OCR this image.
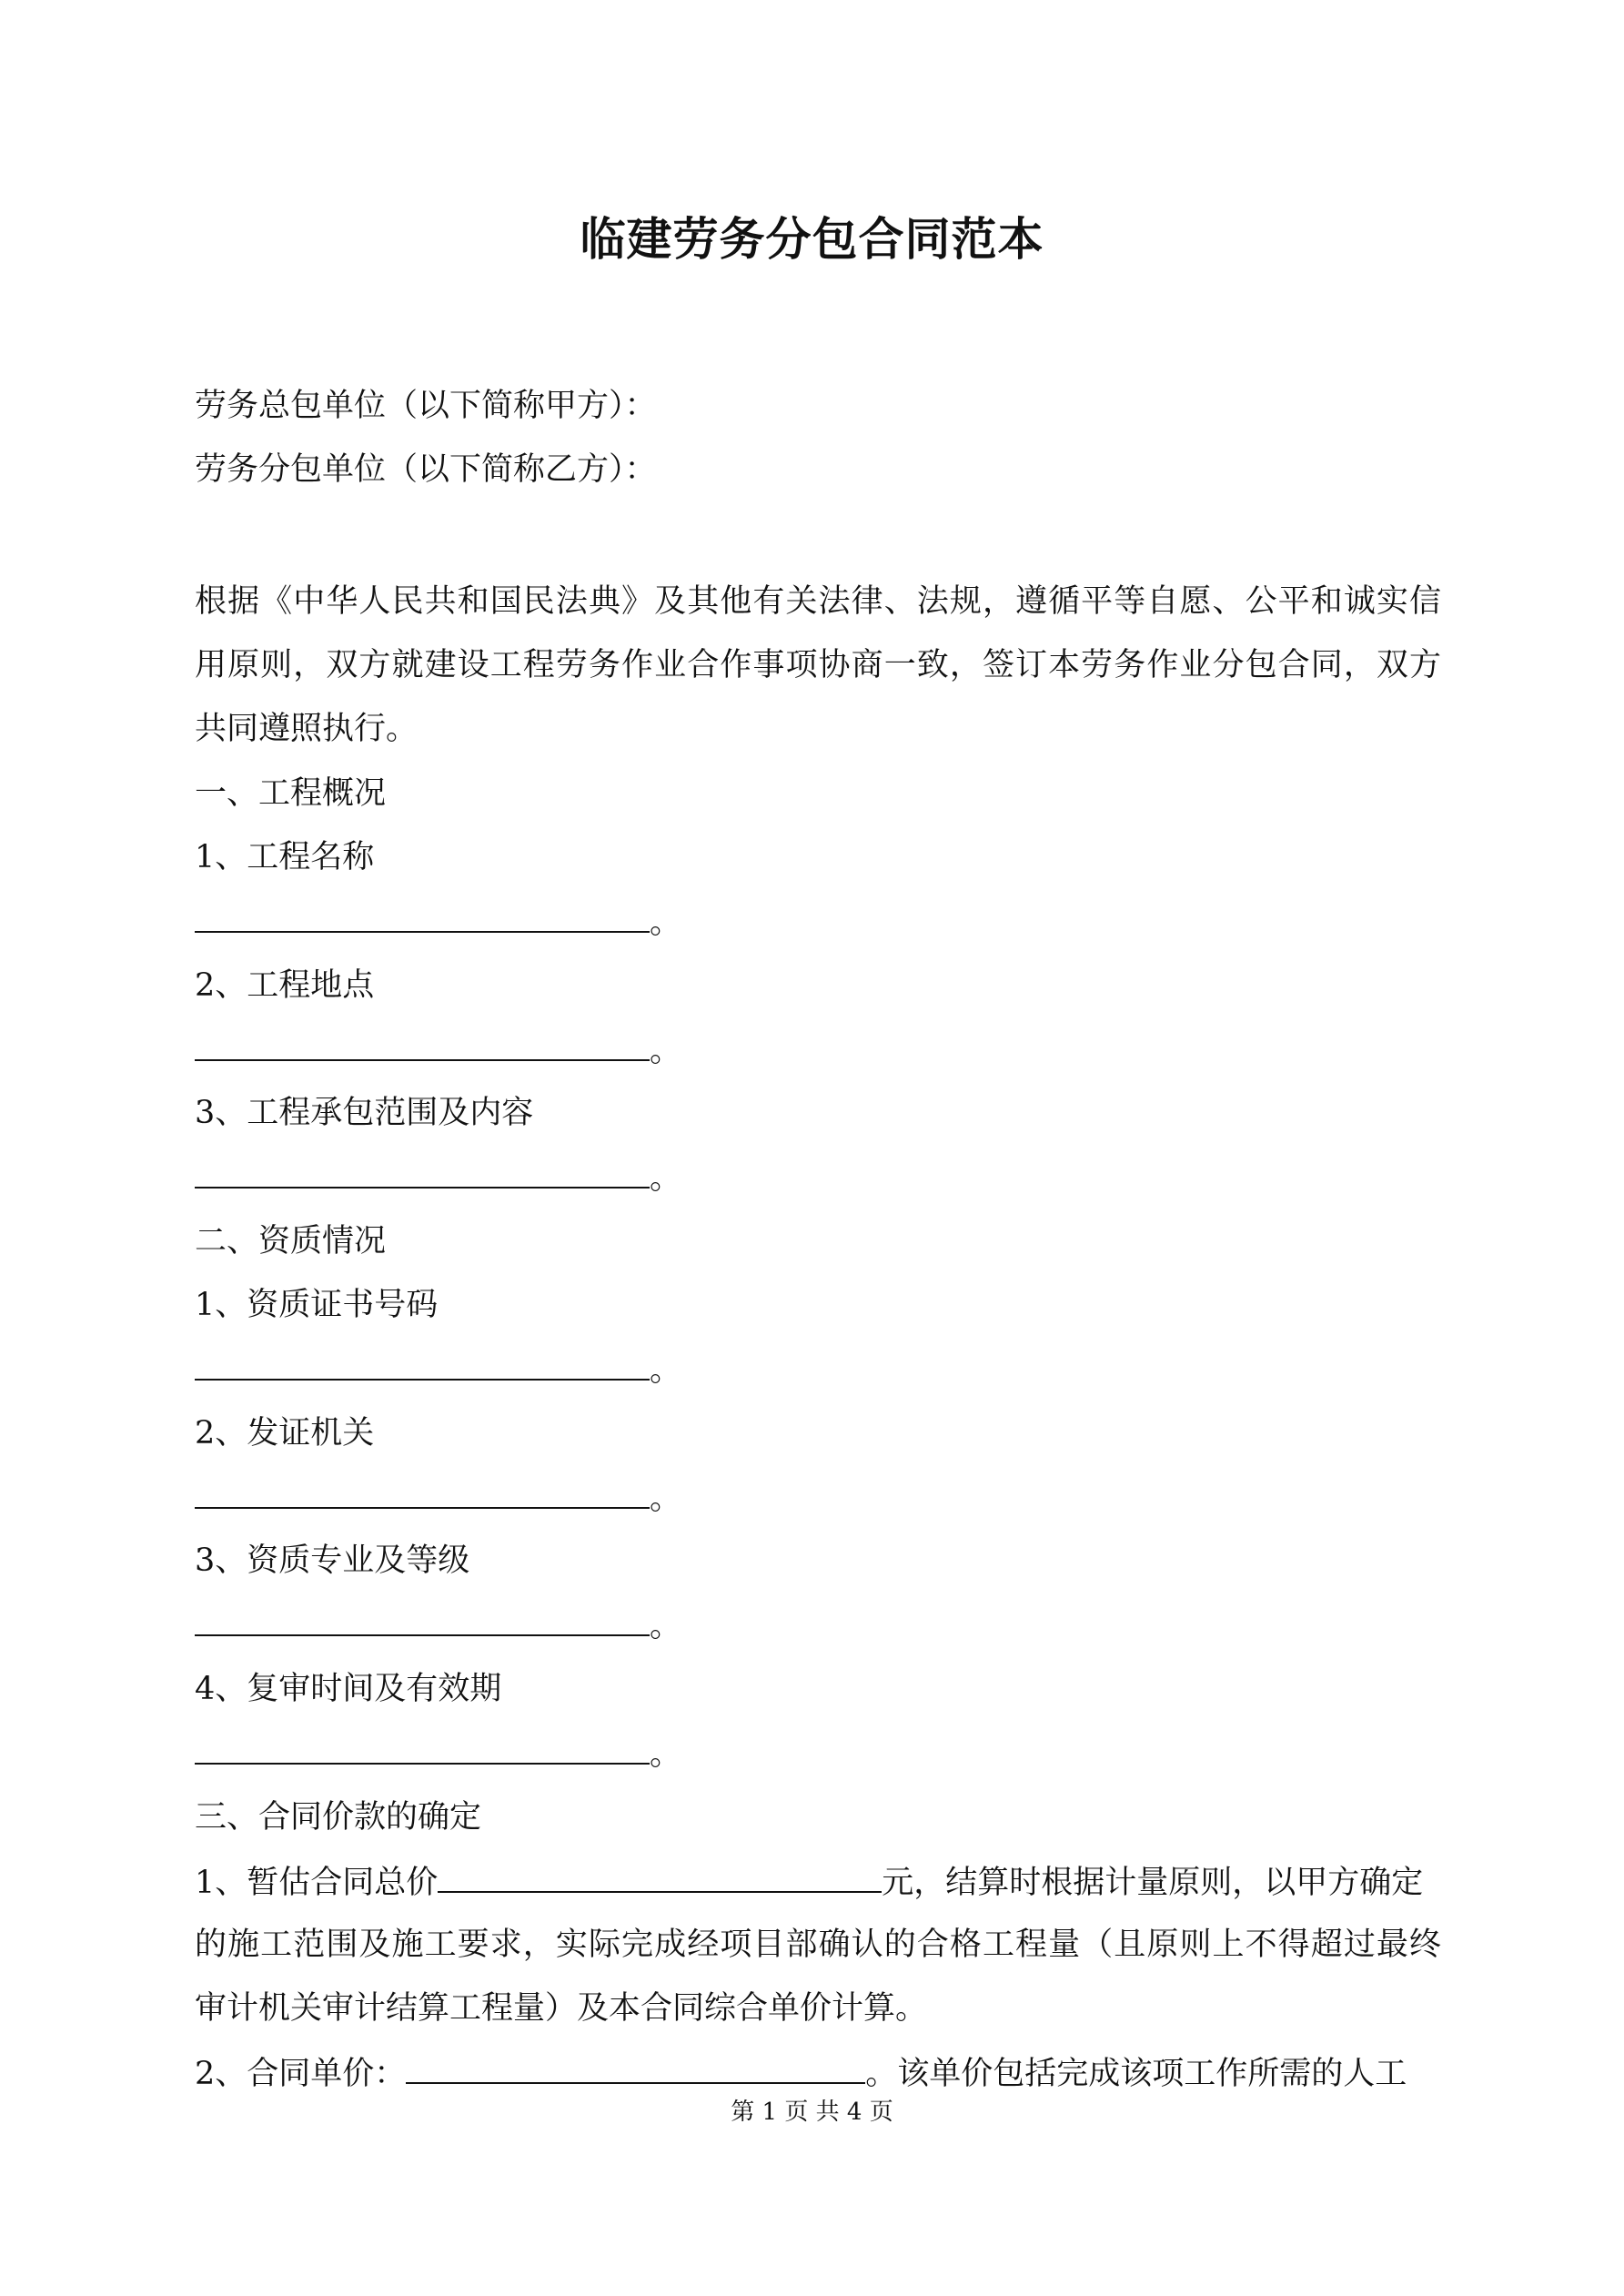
临建劳务分包合同范本
劳务总包单位（以下简称甲方）：
劳务分包单位（以下简称乙方）：
根据《中华人民共和国民法典》及其他有关法律、法规，遵循平等自愿、公平和诚实信
用原则，双方就建设工程劳务作业合作事项协商一致，签订本劳务作业分包合同，双方
共同遵照执行。
一、工程概况
1、工程名称
。
2、工程地点
。
3、工程承包范围及内容
。
二、资质情况
1、资质证书号码
。
2、发证机关
。
3、资质专业及等级
。
4、复审时间及有效期
。
三、合同价款的确定
1、暂估合同总价	元，结算时根据计量原则，以甲方确定
的施工范围及施工要求，实际完成经项目部确认的合格工程量（且原则上不得超过最终
审计机关审计结算工程量）及本合同综合单价计算。
2、合同单价：	。该单价包括完成该项工作所需的人工
第 1 页 共 4 页
